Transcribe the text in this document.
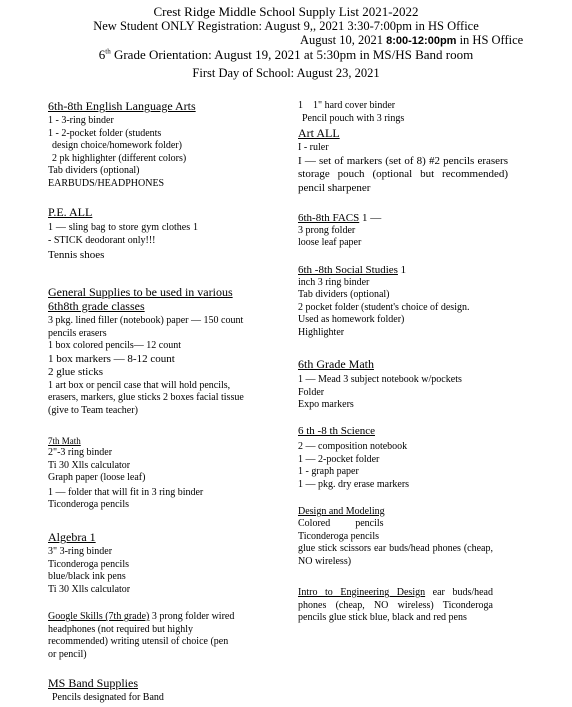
Crest Ridge Middle School Supply List 2021-2022
New Student ONLY Registration: August 9,, 2021 3:30-7:00pm in HS Office
August 10, 2021 8:00-12:00pm in HS Office
6th Grade Orientation: August 19, 2021 at 5:30pm in MS/HS Band room
First Day of School: August 23, 2021

6th-8th English Language Arts

1 - 3-ring binder

1 - 2-pocket folder (students

design choice/homework folder)

2 pk highlighter (different colors)

Tab dividers (optional)

EARBUDS/HEADPHONES

P.E. ALL

1 — sling bag to store gym clothes 1 - STICK deodorant only!!!

Tennis shoes

General Supplies to be used in various

6th8th grade classes

3 pkg. lined filler (notebook) paper — 150 count pencils erasers

1 box colored pencils— 12 count

1 box markers — 8-12 count

2 glue sticks

1 art box or pencil case that will hold pencils, erasers, markers, glue sticks 2 boxes facial tissue (give to Team teacher)

7th Math

2"-3 ring binder

Ti 30 Xlls calculator

Graph paper (loose leaf)

1 — folder that will fit in 3 ring binder

Ticonderoga pencils

Algebra 1

3" 3-ring binder

Ticonderoga pencils

blue/black ink pens

Ti 30 Xlls calculator

Google Skills (7th grade) 3 prong folder wired headphones (not required but highly recommended) writing utensil of choice (pen or pencil)

MS Band Supplies

Pencils designated for Band

1    1" hard cover binder

Pencil pouch with 3 rings

Art ALL

I - ruler

I — set of markers (set of 8) #2 pencils erasers storage pouch (optional but recommended) pencil sharpener

6th-8th FACS 1 —

3 prong folder

loose leaf paper

6th -8th Social Studies 1

inch 3 ring binder

Tab dividers (optional)

2 pocket folder (student's choice of design.

Used as homework folder)

Highlighter

6th Grade Math

1 — Mead 3 subject notebook w/pockets

Folder

Expo markers

6 th -8 th Science

2 — composition notebook

1 — 2-pocket folder

1 - graph paper

1 — pkg. dry erase markers

Design and Modeling

Colored          pencils

Ticonderoga pencils

glue stick scissors ear buds/head phones (cheap, NO wireless)

Intro to Engineering Design ear buds/head phones (cheap, NO wireless) Ticonderoga pencils glue stick blue, black and red pens
